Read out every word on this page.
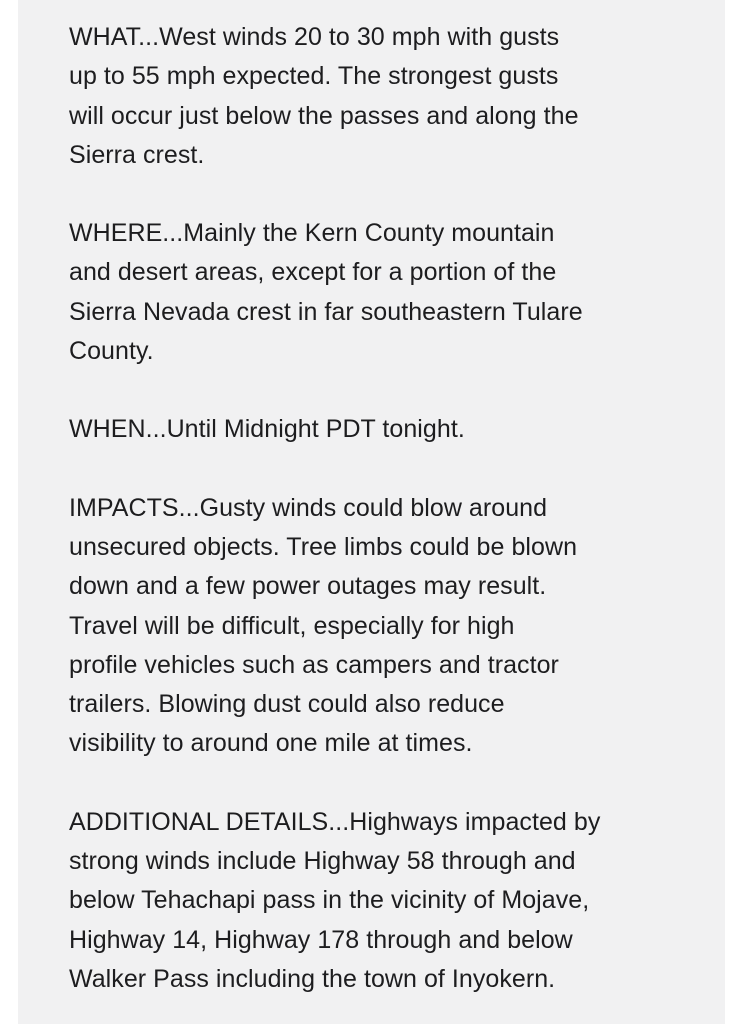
WHAT...West winds 20 to 30 mph with gusts
up to 55 mph expected. The strongest gusts
will occur just below the passes and along the
Sierra crest.

WHERE...Mainly the Kern County mountain
and desert areas, except for a portion of the
Sierra Nevada crest in far southeastern Tulare
County.

WHEN...Until Midnight PDT tonight.

IMPACTS...Gusty winds could blow around
unsecured objects. Tree limbs could be blown
down and a few power outages may result.
Travel will be difficult, especially for high
profile vehicles such as campers and tractor
trailers. Blowing dust could also reduce
visibility to around one mile at times.

ADDITIONAL DETAILS...Highways impacted by
strong winds include Highway 58 through and
below Tehachapi pass in the vicinity of Mojave,
Highway 14, Highway 178 through and below
Walker Pass including the town of Inyokern.
